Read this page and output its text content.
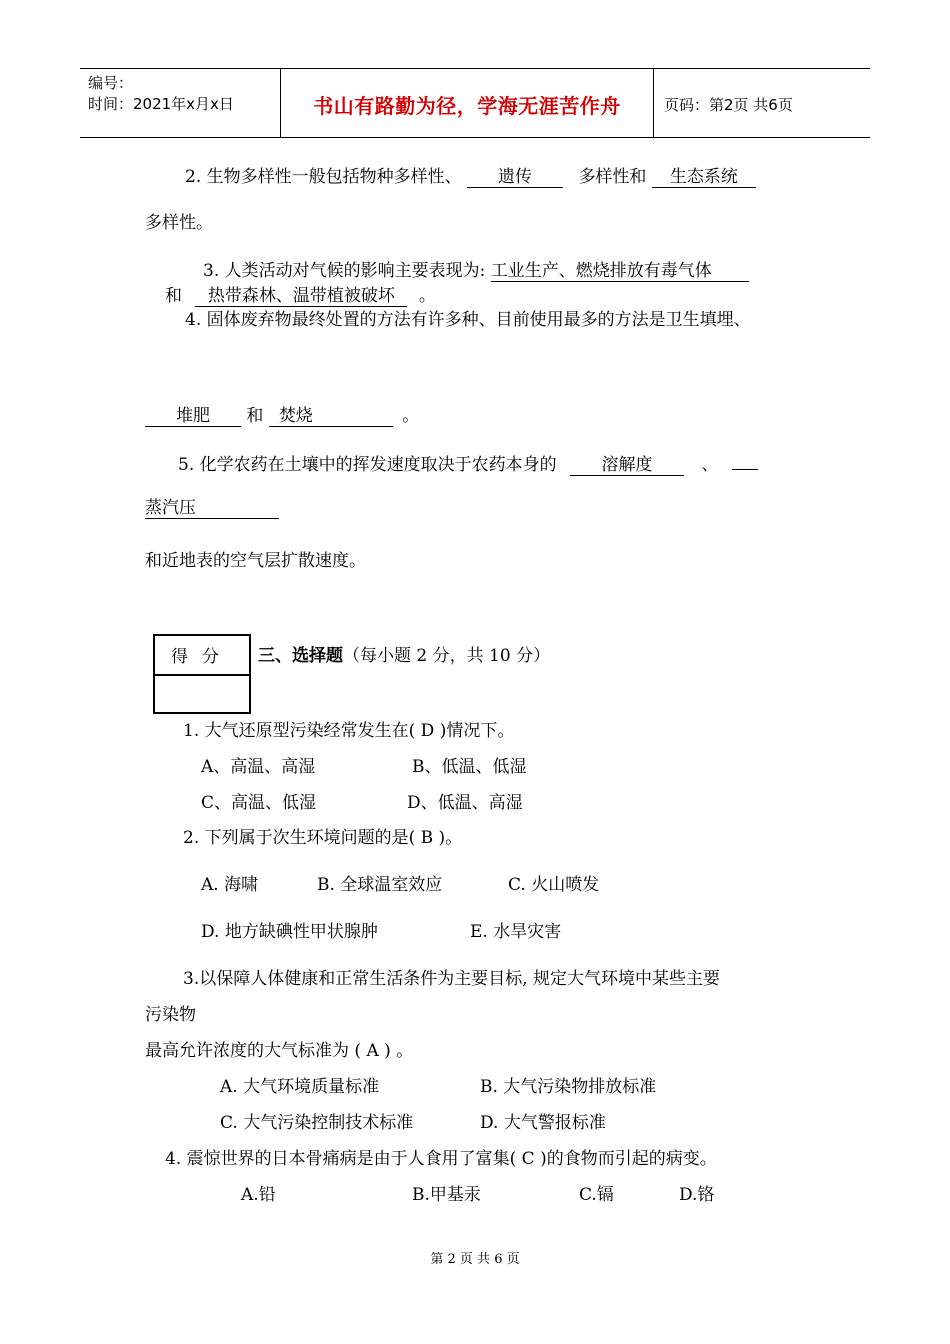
编号：
时间：2021年x月x日	书山有路勤为径，学海无涯苦作舟	页码：第2页 共6页
2. 生物多样性一般包括物种多样性、 遗传	多样性和 生态系统
多样性。
3. 人类活动对气候的影响主要表现为: 工业生产、燃烧排放有毒气体
和 热带森林、温带植被破坏 。
4. 固体废弃物最终处置的方法有许多种、目前使用最多的方法是卫生填埋、
堆肥 和 焚烧	。
5. 化学农药在土壤中的挥发速度取决于农药本身的	溶解度	、
蒸汽压
和近地表的空气层扩散速度。
得分	三、选择题（每小题 2 分，共 10 分）
1. 大气还原型污染经常发生在( D )情况下。
A、高温、高湿	B、低温、低湿
C、高温、低湿	D、低温、高湿
2. 下列属于次生环境问题的是( B )。
A. 海啸	B. 全球温室效应	C. 火山喷发
D. 地方缺碘性甲状腺肿	E. 水旱灾害
3.以保障人体健康和正常生活条件为主要目标, 规定大气环境中某些主要
污染物
最高允许浓度的大气标准为 ( A ) 。
A. 大气环境质量标准	B. 大气污染物排放标准
C. 大气污染控制技术标准	D. 大气警报标准
4. 震惊世界的日本骨痛病是由于人食用了富集( C )的食物而引起的病变。
A.铅	B.甲基汞	C.镉	D.铬
第 2 页 共 6 页
